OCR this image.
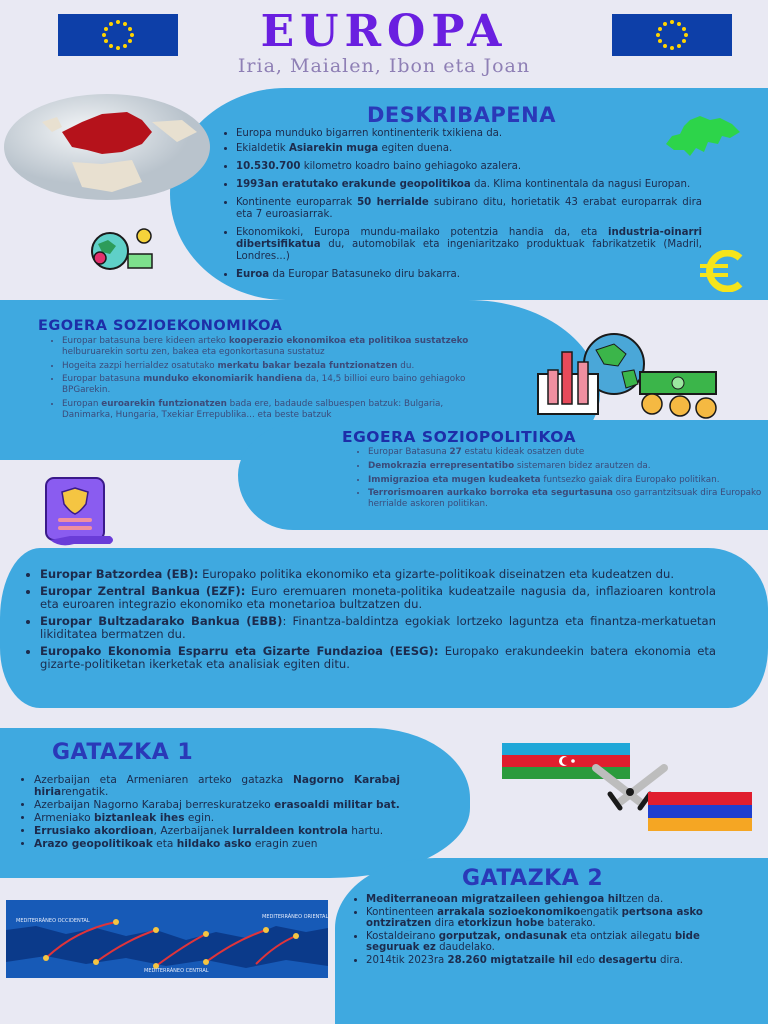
EUROPA
Iria, Maialen, Ibon eta Joan
DESKRIBAPENA
• Europa munduko bigarren kontinenterik txikiena da.
• Ekialdetik Asiarekin muga egiten duena.
• 10.530.700 kilometro koadro baino gehiagoko azalera.
• 1993an eratutako erakunde geopolitikoa da. Klima kontinentala da nagusi Europan.
• Kontinente europarrak 50 herrialde subirano ditu, horietatik 43 erabat europarrak dira eta 7 euroasiarrak.
• Ekonomikoki, Europa mundu-mailako potentzia handia da, eta industria-oinarri dibertsifikatua du, automobilak eta ingeniaritzako produktuak fabrikatzetik (Madril, Londres...)
• Euroa da Europar Batasuneko diru bakarra.
EGOERA SOZIOEKONOMIKOA
• Europar batasuna bere kideen arteko kooperazio ekonomikoa eta politikoa sustatzeko helburuarekin sortu zen, bakea eta egonkortasuna sustatuz
• Hogeita zazpi herrialdez osatutako merkatu bakar bezala funtzionatzen du.
• Europar batasuna munduko ekonomiarik handiena da, 14,5 billioi euro baino gehiagoko BPGarekin.
• Europan euroarekin funtzionatzen bada ere, badaude salbuespen batzuk: Bulgaria, Danimarka, Hungaria, Txekiar Errepublika... eta beste batzuk
EGOERA SOZIOPOLITIKOA
• Europar Batasuna 27 estatu kideak osatzen dute
• Demokrazia errepresentatibo sistemaren bidez arautzen da.
• Immigrazioa eta mugen kudeaketa funtsezko gaiak dira Europako politikan.
• Terrorismoaren aurkako borroka eta segurtasuna oso garrantzitsuak dira Europako herrialde askoren politikan.
• Europar Batzordea (EB): Europako politika ekonomiko eta gizarte-politikoak diseinatzen eta kudeatzen du.
• Europar Zentral Bankua (EZF): Euro eremuaren moneta-politika kudeatzaile nagusia da, inflazioaren kontrola eta euroaren integrazio ekonomiko eta monetarioa bultzatzen du.
• Europar Bultzadarako Bankua (EBB): Finantza-baldintza egokiak lortzeko laguntza eta finantza-merkatuetan likiditatea bermatzen du.
• Europako Ekonomia Esparru eta Gizarte Fundazioa (EESG): Europako erakundeekin batera ekonomia eta gizarte-politiketan ikerketak eta analisiak egiten ditu.
GATAZKA 1
• Azerbaijan eta Armeniaren arteko gatazka Nagorno Karabaj hiriarengatik.
• Azerbaijan Nagorno Karabaj berreskuratzeko erasoaldi militar bat.
• Armeniako biztanleak ihes egin.
• Errusiako akordioan, Azerbaijanek lurraldeen kontrola hartu.
• Arazo geopolitikoak eta hildako asko eragin zuen
GATAZKA 2
• Mediterraneoan migratzaileen gehiengoa hiltzen da.
• Kontinenteen arrakala sozioekonomikoengatik pertsona asko ontziratzen dira etorkizun hobe baterako.
• Kostaldeirano gorputzak, ondasunak eta ontziak ailegatu bide seguruak ez daudelako.
• 2014tik 2023ra 28.260 migtatzaile hil edo desagertu dira.
MEDITERRÁNEO OCCIDENTAL
MEDITERRÁNEO CENTRAL
MEDITERRÁNEO ORIENTAL
